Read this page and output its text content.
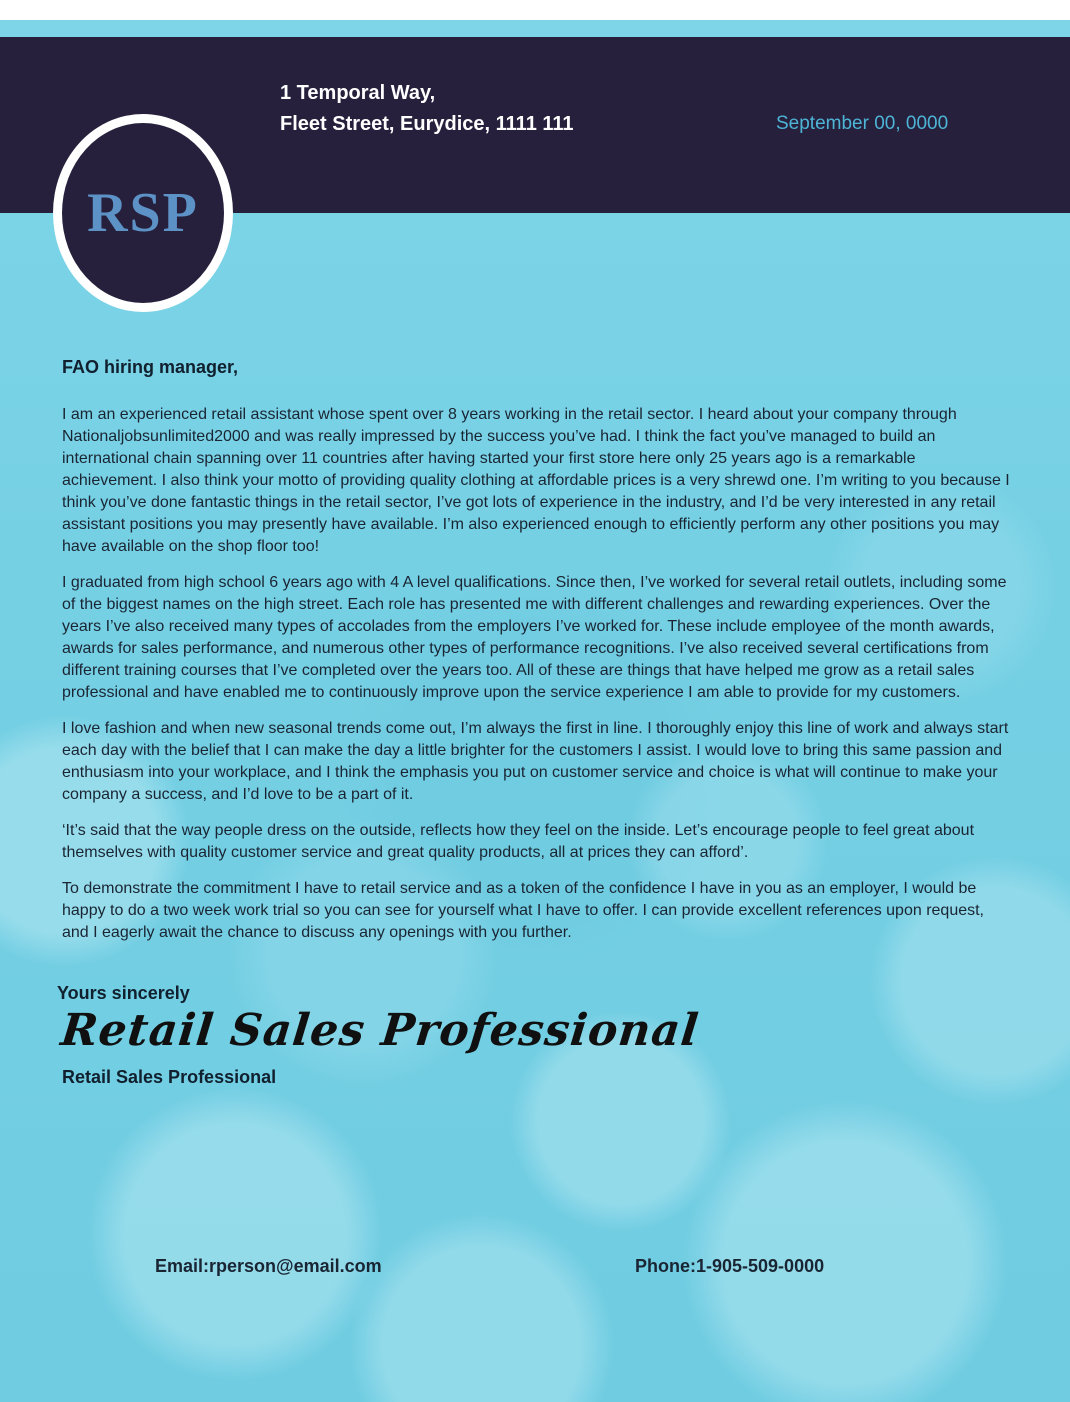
RSP
1 Temporal Way,
Fleet Street, Eurydice, 1111 111	September 00, 0000
FAO hiring manager,

I am an experienced retail assistant whose spent over 8 years working in the retail sector. I heard about your company through Nationaljobsunlimited2000 and was really impressed by the success you’ve had. I think the fact you’ve managed to build an international chain spanning over 11 countries after having started your first store here only 25 years ago is a remarkable achievement. I also think your motto of providing quality clothing at affordable prices is a very shrewd one. I’m writing to you because I think you’ve done fantastic things in the retail sector, I’ve got lots of experience in the industry, and I’d be very interested in any retail assistant positions you may presently have available. I’m also experienced enough to efficiently perform any other positions you may have available on the shop floor too!

I graduated from high school 6 years ago with 4 A level qualifications. Since then, I’ve worked for several retail outlets, including some of the biggest names on the high street. Each role has presented me with different challenges and rewarding experiences. Over the years I’ve also received many types of accolades from the employers I’ve worked for. These include employee of the month awards, awards for sales performance, and numerous other types of performance recognitions. I’ve also received several certifications from different training courses that I’ve completed over the years too. All of these are things that have helped me grow as a retail sales professional and have enabled me to continuously improve upon the service experience I am able to provide for my customers.

I love fashion and when new seasonal trends come out, I’m always the first in line. I thoroughly enjoy this line of work and always start each day with the belief that I can make the day a little brighter for the customers I assist. I would love to bring this same passion and enthusiasm into your workplace, and I think the emphasis you put on customer service and choice is what will continue to make your company a success, and I’d love to be a part of it.

‘It’s said that the way people dress on the outside, reflects how they feel on the inside. Let’s encourage people to feel great about themselves with quality customer service and great quality products, all at prices they can afford’.

To demonstrate the commitment I have to retail service and as a token of the confidence I have in you as an employer, I would be happy to do a two week work trial so you can see for yourself what I have to offer. I can provide excellent references upon request, and I eagerly await the chance to discuss any openings with you further.

Yours sincerely
Retail Sales Professional
Retail Sales Professional
Email:rperson@email.com	Phone:1-905-509-0000
